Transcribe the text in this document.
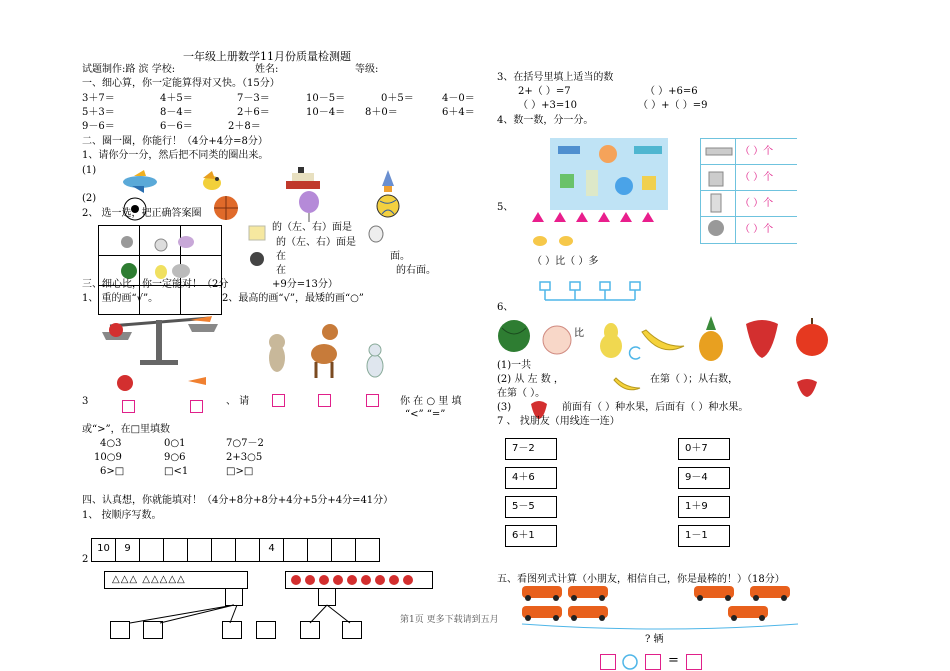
一年级上册数学11月份质量检测题
试题制作:路 滨 学校:	姓名:	等级:
一、细心算，你一定能算得对又快。（15分）
3＋7＝	4＋5＝	7－3＝	10－5＝	0＋5＝	4－0＝
5＋3＝	8－4＝	2＋6＝	10－4＝ 8＋0＝	6＋4＝
9－6＝	6－6＝	2＋8＝
二、圈一圈，你能行！（4分+4分=8分）
1、请你分一分，然后把不同类的圈出来。
(1)
(2)
2、 选一选，把正确答案圈
的（左、右）面是
的（左、右）面是
在
在
面。
的右面。
三、细心比，你一定能对！（2分	+9分=13分）
1、 重的画“√”。	2、最高的画“√”，最矮的画“○”
3	、 请	你 在 ○ 里 填
“<” “=”
或“>”，在□里填数
4○3	0○1	7○7－2
10○9	9○6	2+3○5
6>□	□<1	□>□
四、认真想，你就能填对！（4分+8分+8分+4分+5分+4分=41分）
1、 按顺序写数。
2
10	9	4
△△△ △△△△△
3、在括号里填上适当的数
2+（ ）=7	（ ）+6=6
（ ）+3=10	（ ）+（ ）=9
4、数一数，分一分。
（ ）个
（ ）个
（ ）个
（ ）个
5、
（ ）比（ ）多
6、
比
(1)一共
(2) 从 左 数 ，	在第（ ）；从右数，
在第（ ）。
(3)	前面有（ ）种水果，后面有（ ）种水果。
7 、 找朋友（用线连一连）
7－2
4＋6
5－5
6＋1
0＋7
9－4
1＋9
1－1
五、看图列式计算（小朋友，相信自己，你是最棒的！）（18分）
第1页 更多下载请到五月
? 辆
=
